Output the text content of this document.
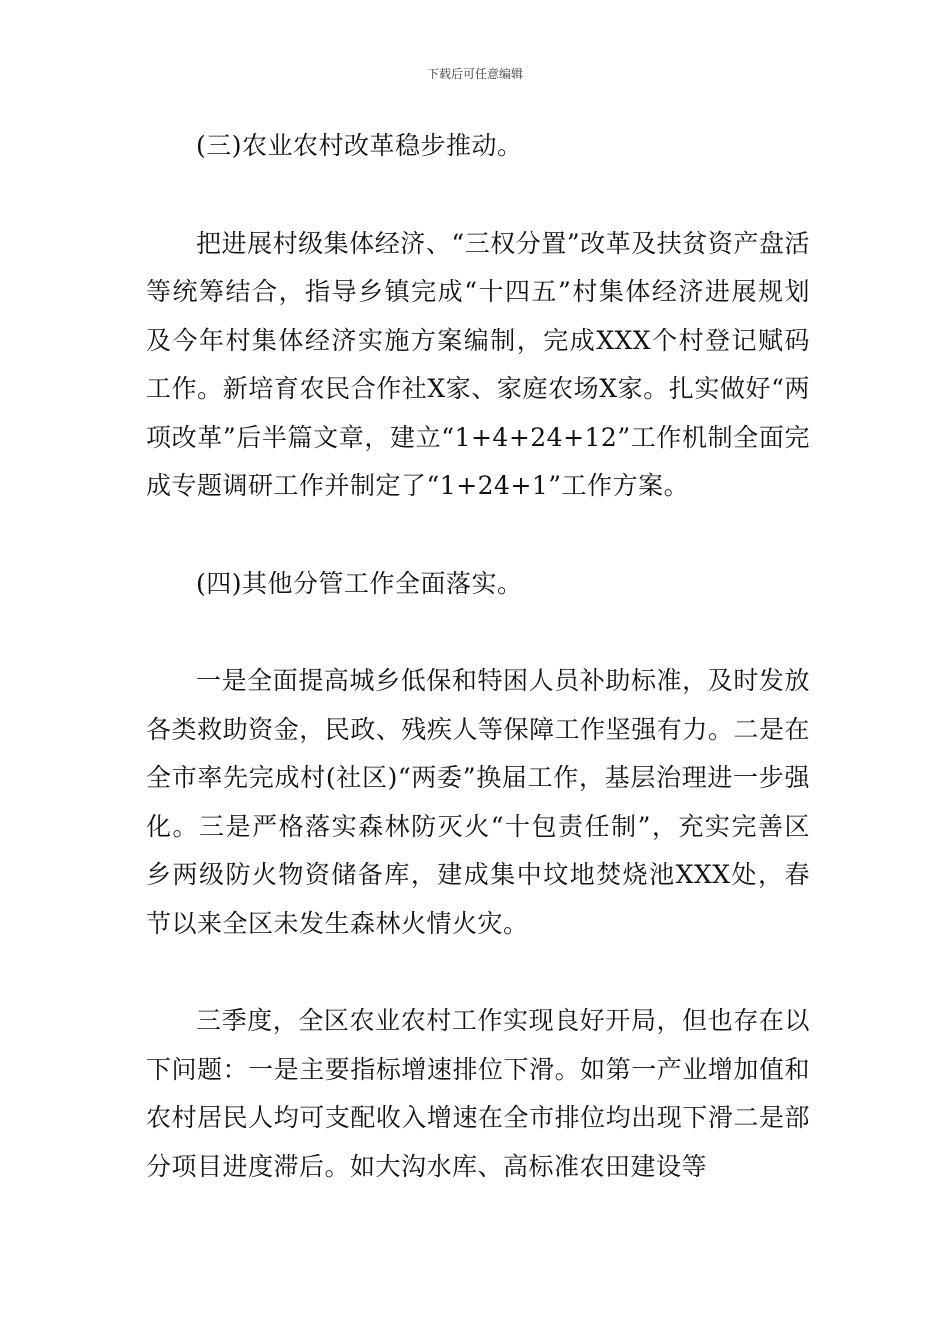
下载后可任意编辑

(三)农业农村改革稳步推动。

把进展村级集体经济、“三权分置”改革及扶贫资产盘活等统筹结合，指导乡镇完成“十四五”村集体经济进展规划及今年村集体经济实施方案编制，完成XXX个村登记赋码工作。新培育农民合作社X家、家庭农场X家。扎实做好“两项改革”后半篇文章，建立“1+4+24+12”工作机制全面完成专题调研工作并制定了“1+24+1”工作方案。

(四)其他分管工作全面落实。

一是全面提高城乡低保和特困人员补助标准，及时发放各类救助资金，民政、残疾人等保障工作坚强有力。二是在全市率先完成村(社区)“两委”换届工作，基层治理进一步强化。三是严格落实森林防灭火“十包责任制”，充实完善区乡两级防火物资储备库，建成集中坟地焚烧池XXX处，春节以来全区未发生森林火情火灾。

三季度，全区农业农村工作实现良好开局，但也存在以下问题：一是主要指标增速排位下滑。如第一产业增加值和农村居民人均可支配收入增速在全市排位均出现下滑二是部分项目进度滞后。如大沟水库、高标准农田建设等
